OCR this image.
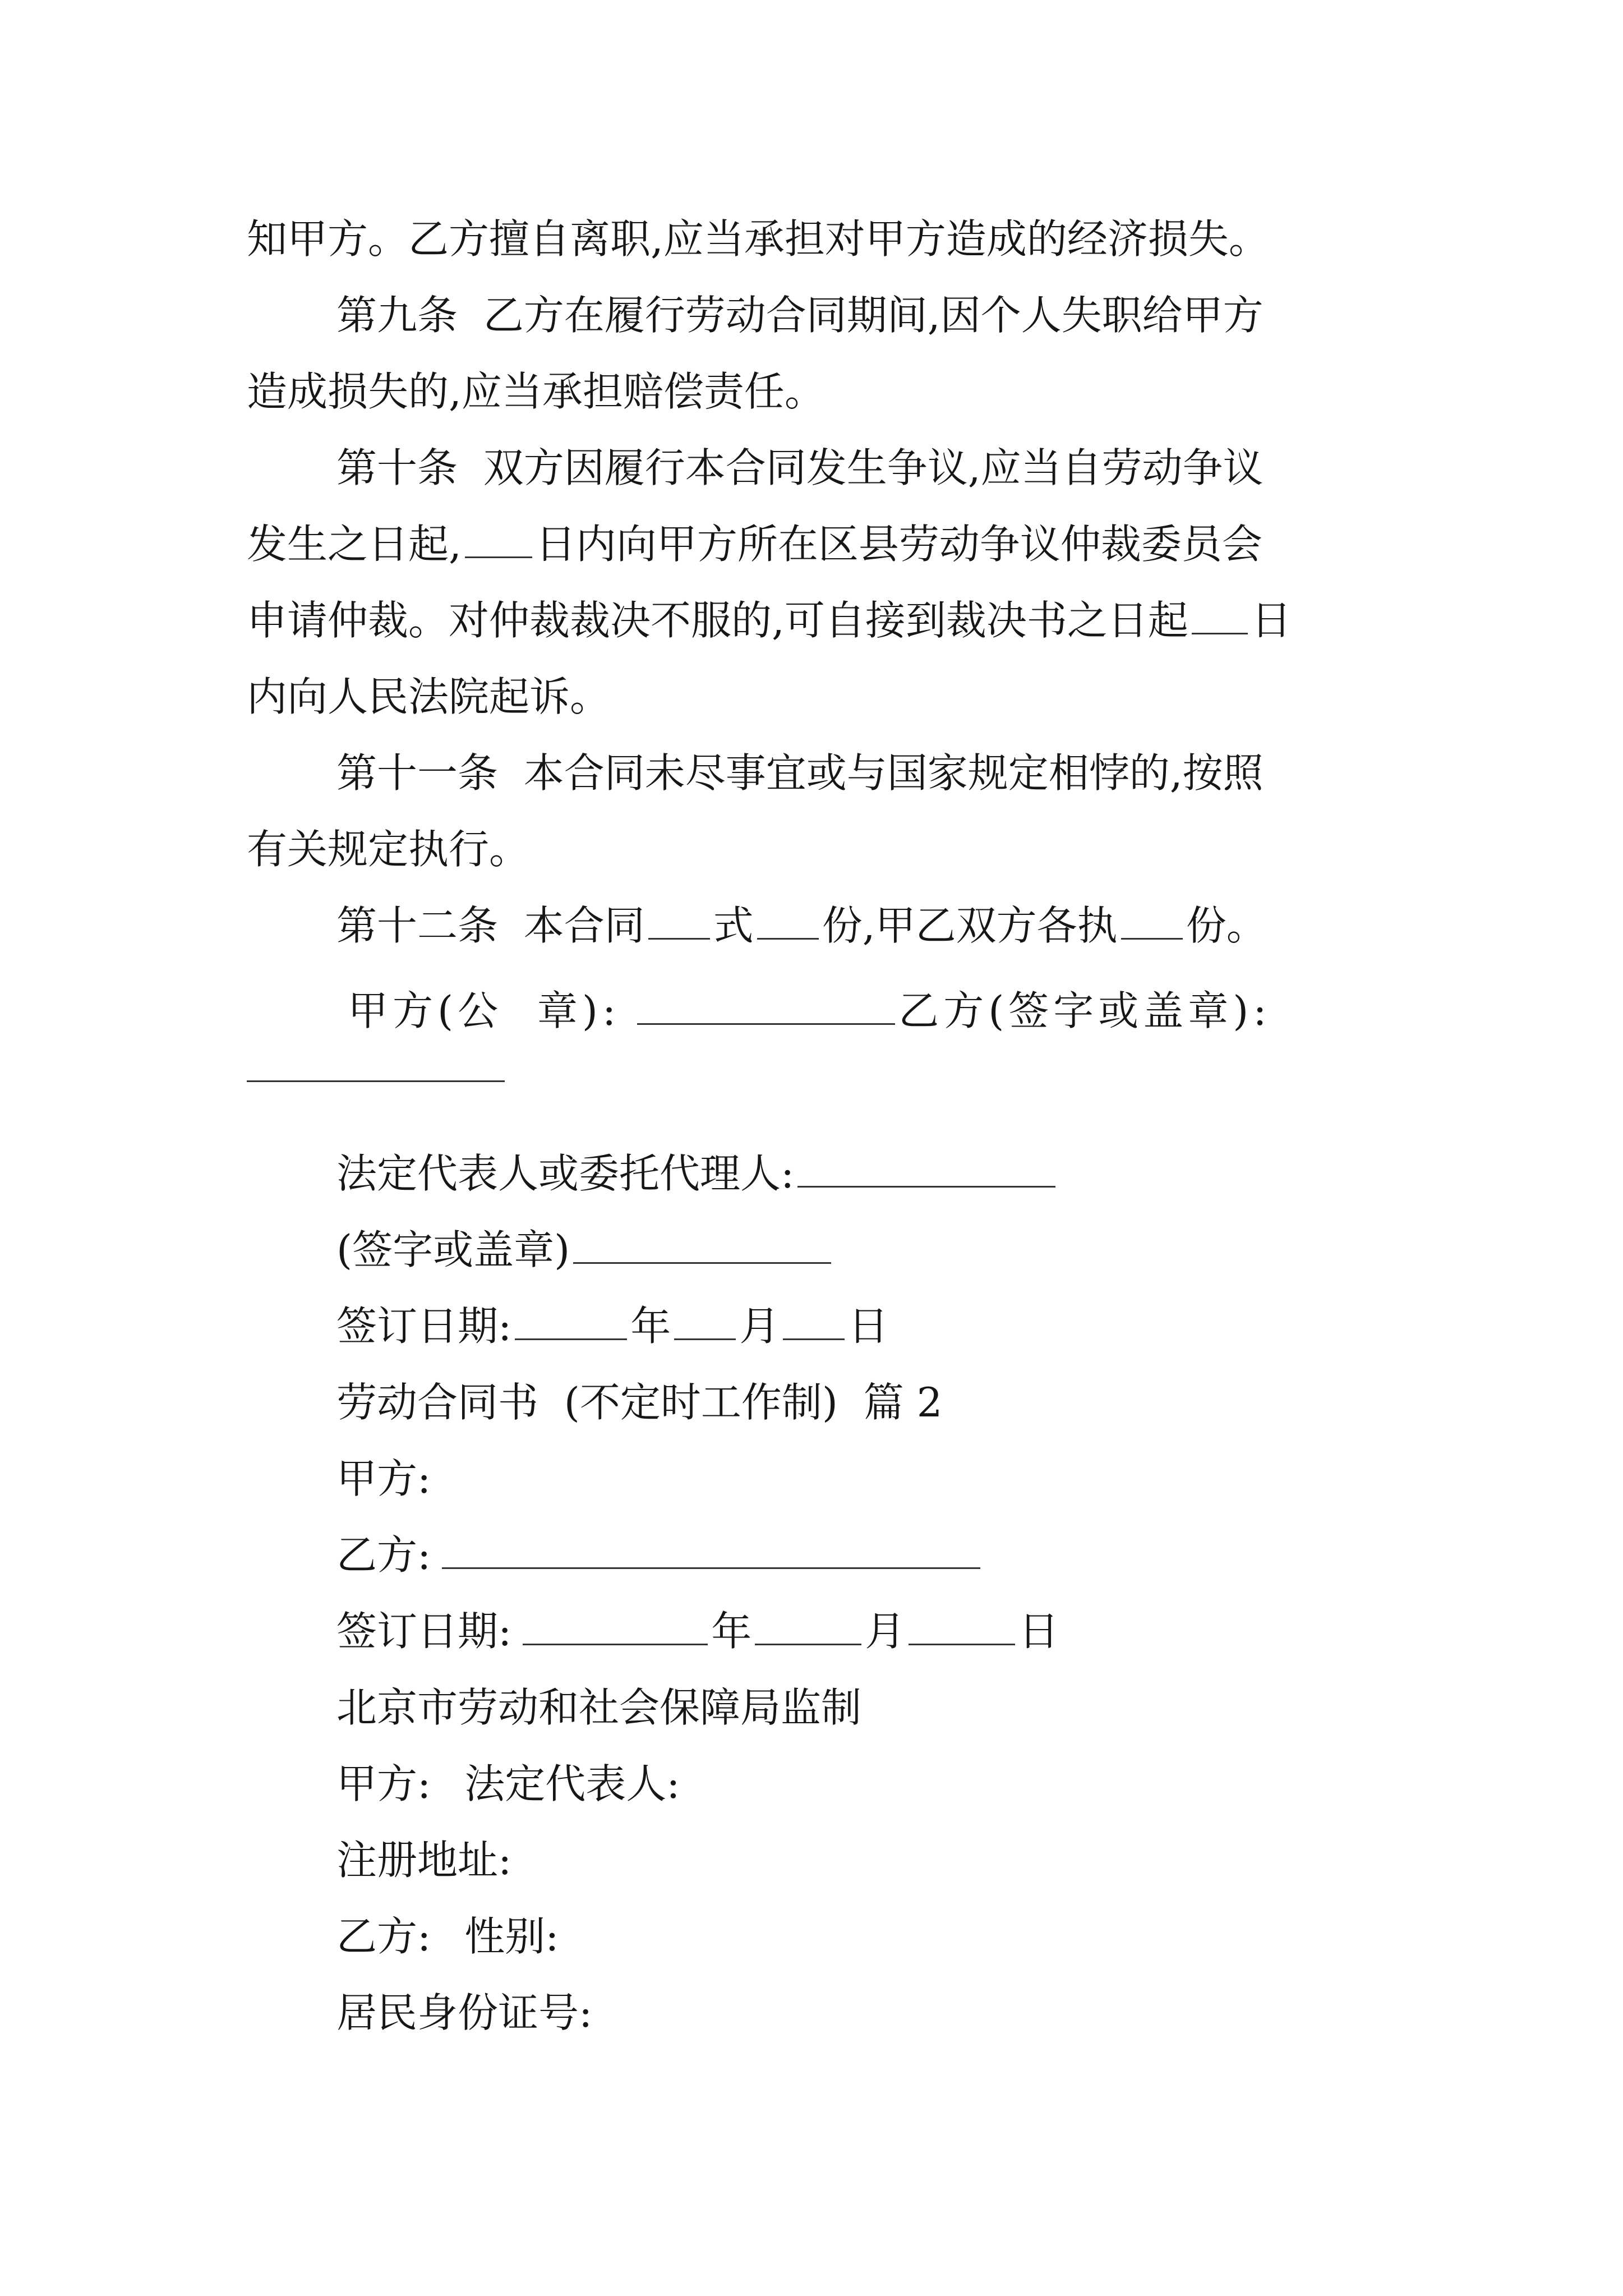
知甲方。乙方擅自离职,应当承担对甲方造成的经济损失。
第九条  乙方在履行劳动合同期间,因个人失职给甲方
造成损失的,应当承担赔偿责任。
第十条  双方因履行本合同发生争议,应当自劳动争议
发生之日起, 日内向甲方所在区县劳动争议仲裁委员会
申请仲裁。对仲裁裁决不服的,可自接到裁决书之日起 日
内向人民法院起诉。
第十一条  本合同未尽事宜或与国家规定相悖的,按照
有关规定执行。
第十二条  本合同 式 份,甲乙双方各执 份。
甲方(公  章):	乙方(签字或盖章):
法定代表人或委托代理人:
(签字或盖章)
签订日期:	年 月 日
劳动合同书  (不定时工作制)  篇 2
甲方:
乙方:
签订日期:	年	月	日
北京市劳动和社会保障局监制
甲方: 法定代表人:
注册地址:
乙方: 性别:
居民身份证号:
